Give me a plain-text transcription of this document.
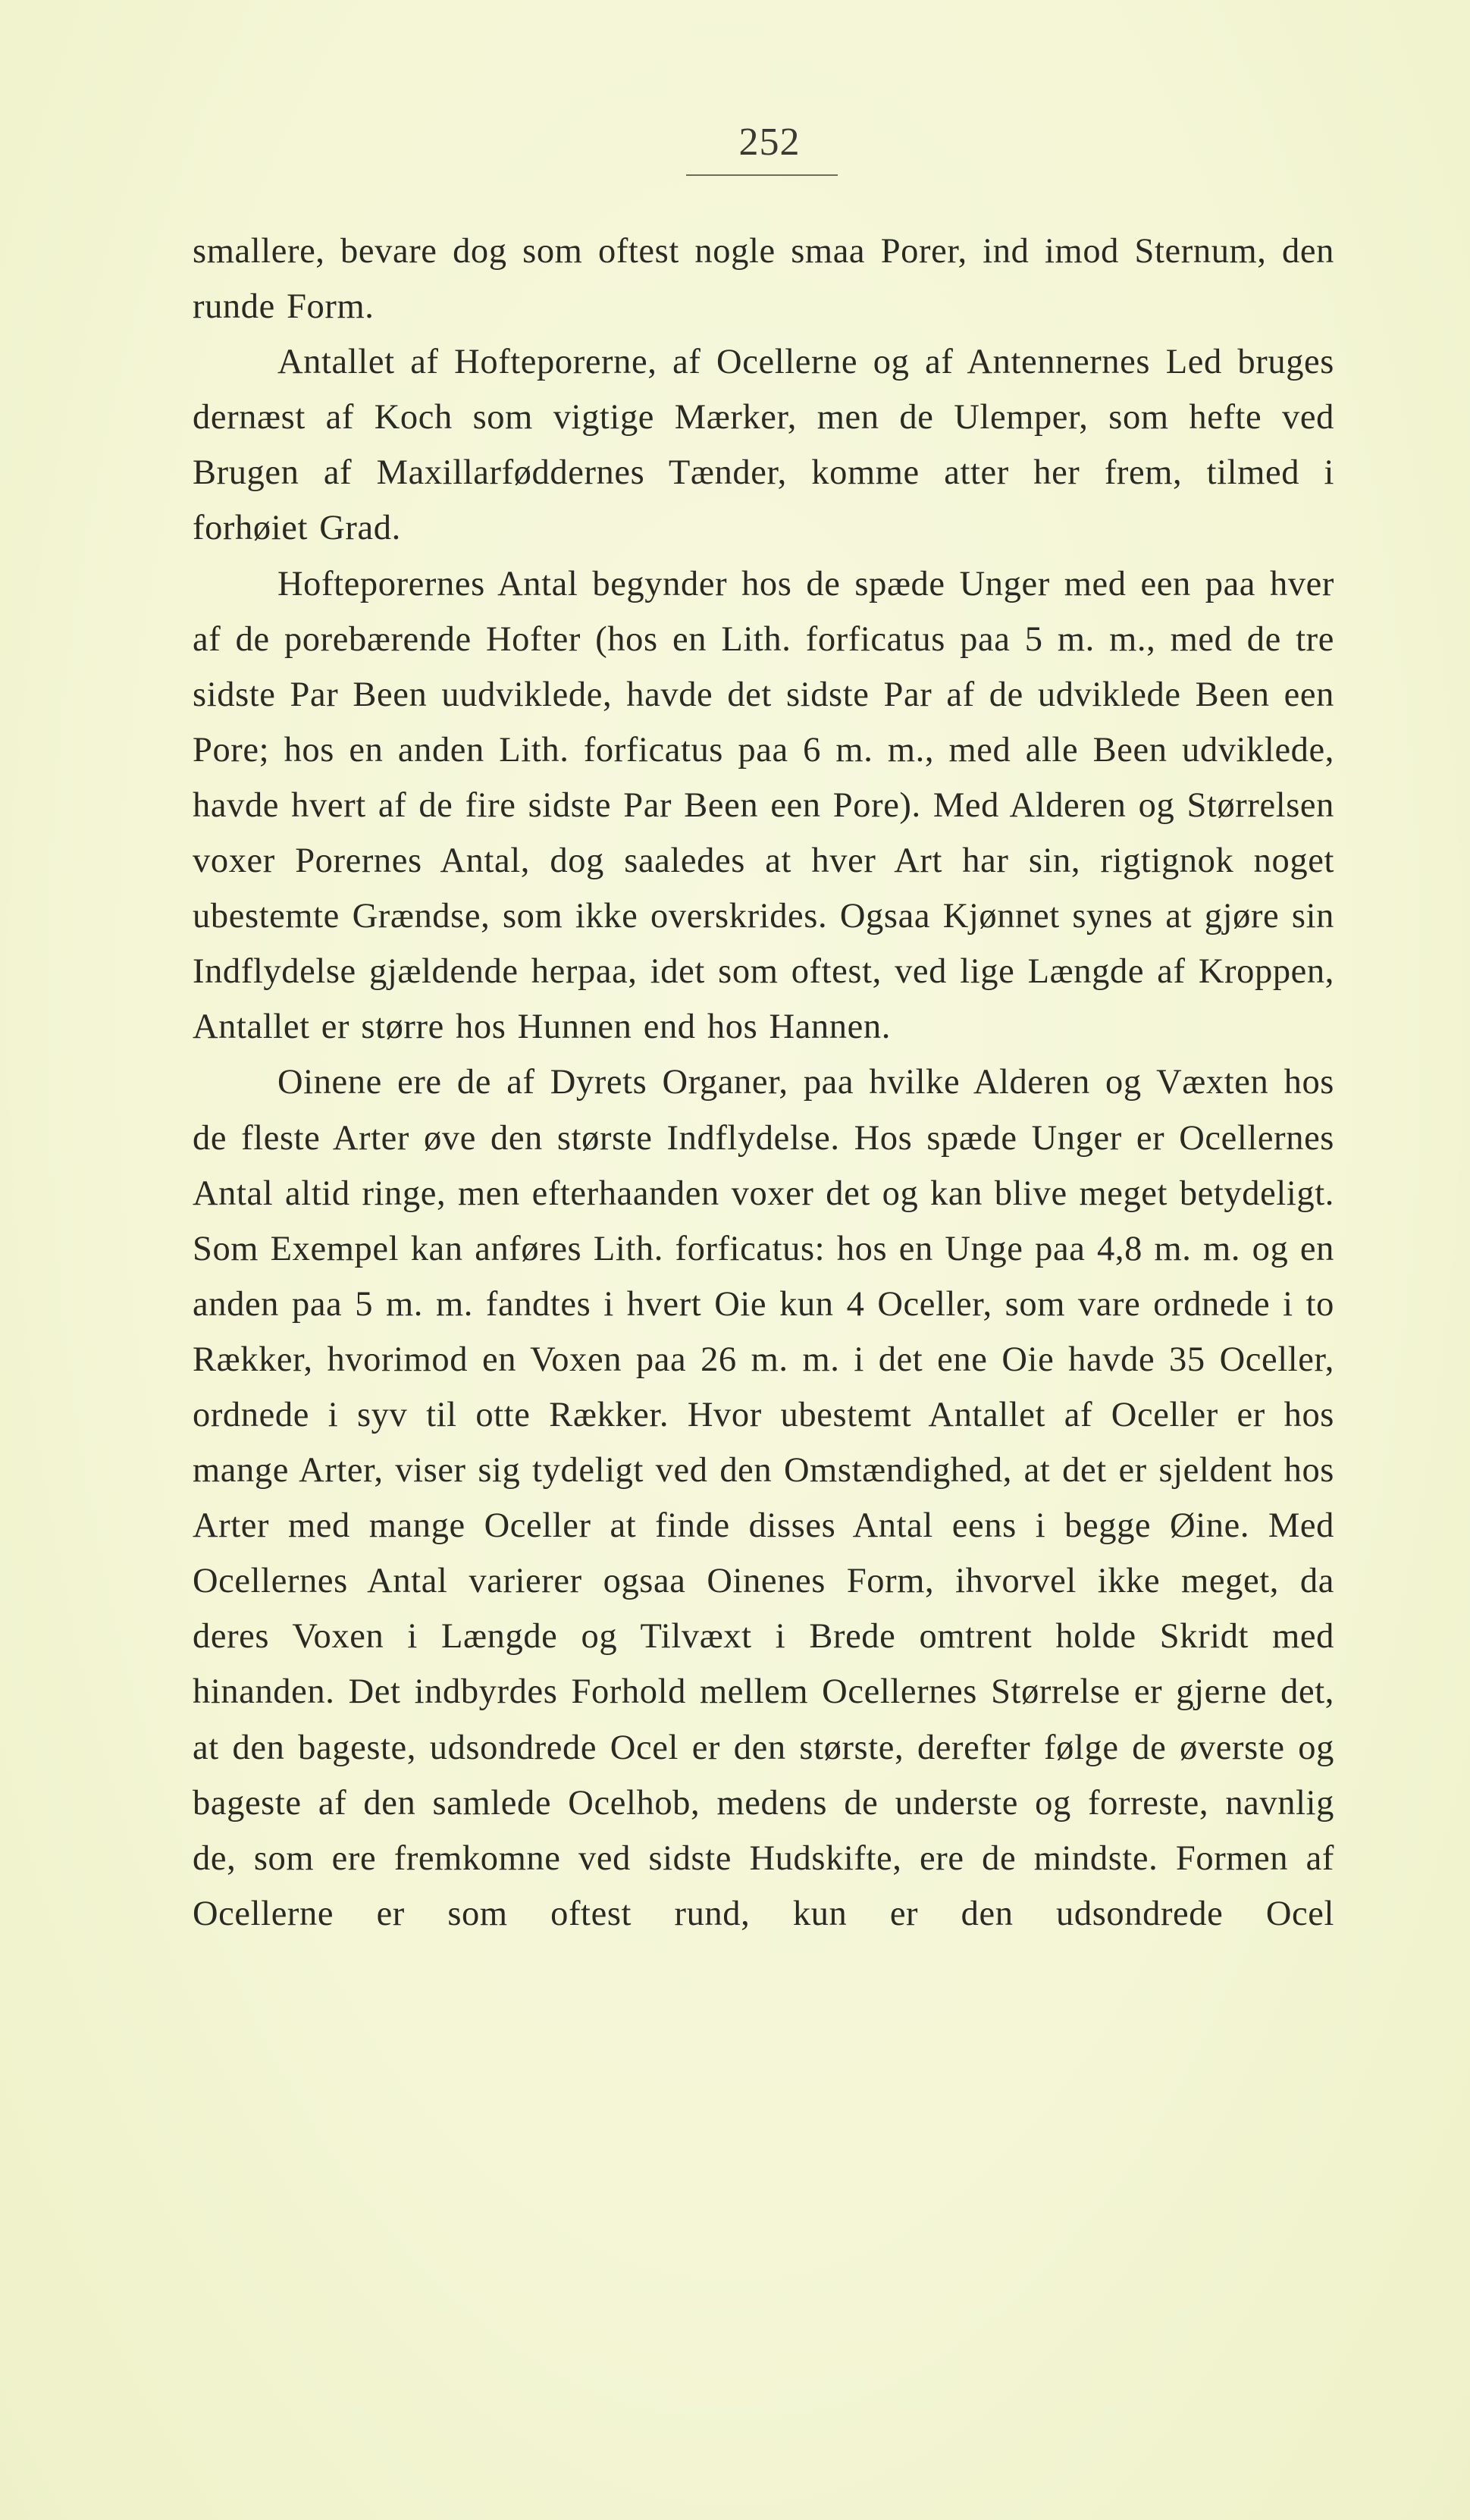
252

smallere, bevare dog som oftest nogle smaa Porer, ind imod Sternum, den runde Form.

Antallet af Hofteporerne, af Ocellerne og af Antennernes Led bruges dernæst af Koch som vigtige Mærker, men de Ulemper, som hefte ved Brugen af Maxillarføddernes Tænder, komme atter her frem, tilmed i forhøiet Grad.

Hofteporernes Antal begynder hos de spæde Unger med een paa hver af de porebærende Hofter (hos en Lith. forficatus paa 5 m. m., med de tre sidste Par Been uudviklede, havde det sidste Par af de udviklede Been een Pore; hos en anden Lith. forficatus paa 6 m. m., med alle Been udviklede, havde hvert af de fire sidste Par Been een Pore). Med Alderen og Størrelsen voxer Porernes Antal, dog saaledes at hver Art har sin, rigtignok noget ubestemte Grændse, som ikke overskrides. Ogsaa Kjønnet synes at gjøre sin Indflydelse gjældende herpaa, idet som oftest, ved lige Længde af Kroppen, Antallet er større hos Hunnen end hos Hannen.

Oinene ere de af Dyrets Organer, paa hvilke Alderen og Væxten hos de fleste Arter øve den største Indflydelse. Hos spæde Unger er Ocellernes Antal altid ringe, men efterhaanden voxer det og kan blive meget betydeligt. Som Exempel kan anføres Lith. forficatus: hos en Unge paa 4,8 m. m. og en anden paa 5 m. m. fandtes i hvert Oie kun 4 Oceller, som vare ordnede i to Rækker, hvorimod en Voxen paa 26 m. m. i det ene Oie havde 35 Oceller, ordnede i syv til otte Rækker. Hvor ubestemt Antallet af Oceller er hos mange Arter, viser sig tydeligt ved den Omstændighed, at det er sjeldent hos Arter med mange Oceller at finde disses Antal eens i begge Øine. Med Ocellernes Antal varierer ogsaa Oinenes Form, ihvorvel ikke meget, da deres Voxen i Længde og Tilvæxt i Brede omtrent holde Skridt med hinanden. Det indbyrdes Forhold mellem Ocellernes Størrelse er gjerne det, at den bageste, udsondrede Ocel er den største, derefter følge de øverste og bageste af den samlede Ocelhob, medens de underste og forreste, navnlig de, som ere fremkomne ved sidste Hudskifte, ere de mindste. Formen af Ocellerne er som oftest rund, kun er den udsondrede Ocel
